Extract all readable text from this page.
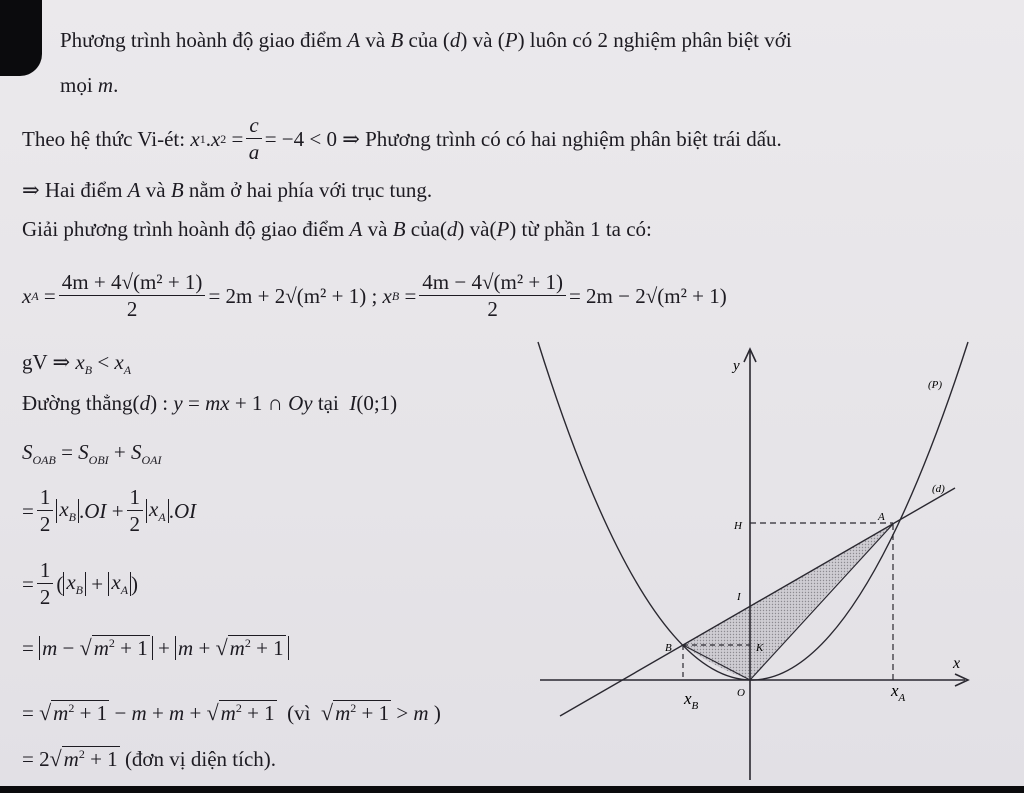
Phương trình hoành độ giao điểm A và B của (d) và (P) luôn có 2 nghiệm phân biệt với
mọi m.
Theo hệ thức Vi-ét:
x 1 . x $2 = \frac{c}{a} = -4 < 0$ ⇒ Phương trình có có hai nghiệm phân biệt trái dấu.
⇒ Hai điểm A và B nằm ở hai phía với trục tung.
Giải phương trình hoành độ giao điểm A và B của(d) và(P) từ phần 1 ta có:
x $A = \frac{\text{4m + 4√(m² + 1)}}{2} = 2m + 2√(m^2 + 1)$ ;
x $B = \frac{\text{4m − 4√(m² + 1)}}{2} = 2m - 2√(m^2 + 1)$
gV ⇒ $x_B < x_A$
Đường thẳng(d) : y = mx + 1 ∩ Oy tại  I(0;1)
$S_{OAB} = S_{OBI} + S_{OAI}$
= $\frac{1}{2} x_B$ . OI + $\frac{1}{2} x_A$ . OI
= $\frac{1}{2}$ ( $x_B + x_A$ )
= $m - √m^2 + 1 + m + √m^2 + 1$
= $√m^2 + 1 - m + m + √m^2 + 1$  (vì  $√m^2 + 1 > m$ )
= $2√m^2 + 1$ (đơn vị diện tích).
y
x
(P)
(d)
H
A
I
K
B
O
$x_B$
$x_A$
